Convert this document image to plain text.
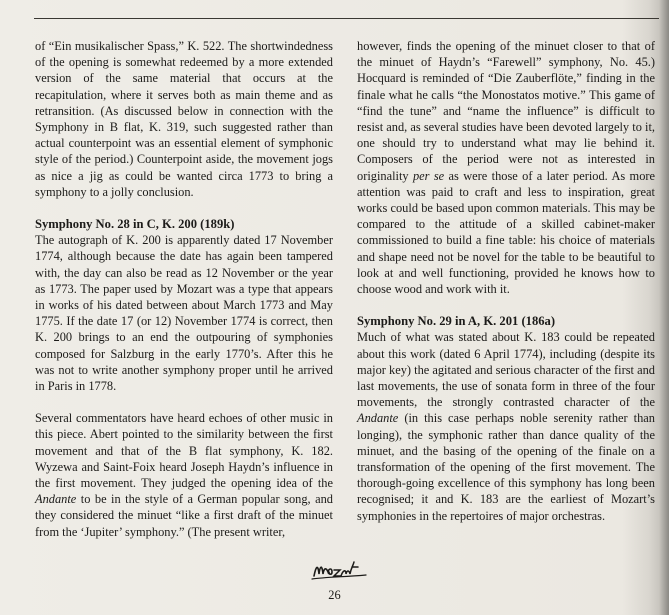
of “Ein musikalischer Spass,” K. 522. The shortwindedness of the opening is somewhat redeemed by a more extended version of the same material that occurs at the recapitulation, where it serves both as main theme and as retransition. (As discussed below in connection with the Symphony in B flat, K. 319, such suggested rather than actual counterpoint was an essential element of symphonic style of the period.) Counterpoint aside, the movement jogs as nice a jig as could be wanted circa 1773 to bring a symphony to a jolly conclusion.

Symphony No. 28 in C, K. 200 (189k)

The autograph of K. 200 is apparently dated 17 November 1774, although because the date has again been tampered with, the day can also be read as 12 November or the year as 1773. The paper used by Mozart was a type that appears in works of his dated between about March 1773 and May 1775. If the date 17 (or 12) November 1774 is correct, then K. 200 brings to an end the outpouring of symphonies composed for Salzburg in the early 1770’s. After this he was not to write another symphony proper until he arrived in Paris in 1778.

Several commentators have heard echoes of other music in this piece. Abert pointed to the similarity between the first movement and that of the B flat symphony, K. 182. Wyzewa and Saint-Foix heard Joseph Haydn’s influence in the first movement. They judged the opening idea of the Andante to be in the style of a German popular song, and they considered the minuet “like a first draft of the minuet from the ‘Jupiter’ symphony.” (The present writer,

however, finds the opening of the minuet closer to that of the minuet of Haydn’s “Farewell” symphony, No. 45.) Hocquard is reminded of “Die Zauberflöte,” finding in the finale what he calls “the Monostatos motive.” This game of “find the tune” and “name the influence” is difficult to resist and, as several studies have been devoted largely to it, one should try to understand what may lie behind it. Composers of the period were not as interested in originality per se as were those of a later period. As more attention was paid to craft and less to inspiration, great works could be based upon common materials. This may be compared to the attitude of a skilled cabinet-maker commissioned to build a fine table: his choice of materials and shape need not be novel for the table to be beautiful to look at and well functioning, provided he knows how to choose wood and work with it.

Symphony No. 29 in A, K. 201 (186a)

Much of what was stated about K. 183 could be repeated about this work (dated 6 April 1774), including (despite its major key) the agitated and serious character of the first and last movements, the use of sonata form in three of the four movements, the strongly contrasted character of the Andante (in this case perhaps noble serenity rather than longing), the symphonic rather than dance quality of the minuet, and the basing of the opening of the finale on a transformation of the opening of the first movement. The thorough-going excellence of this symphony has long been recognised; it and K. 183 are the earliest of Mozart’s symphonies in the repertoires of major orchestras.

26
